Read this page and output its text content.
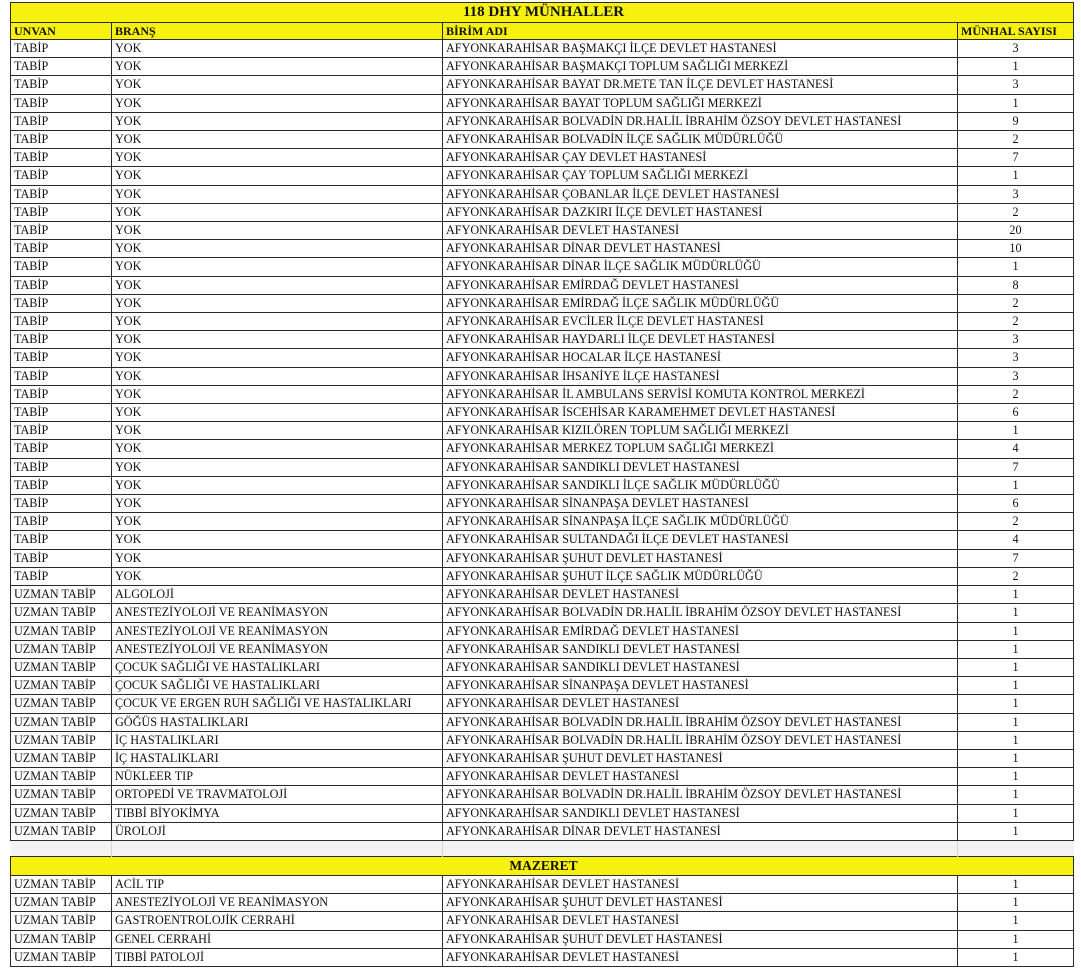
118 DHY MÜNHALLER			
UNVAN	BRANŞ	BİRİM ADI	MÜNHAL SAYISI
TABİP	YOK	AFYONKARAHİSAR BAŞMAKÇI İLÇE DEVLET HASTANESİ	3
TABİP	YOK	AFYONKARAHİSAR BAŞMAKÇI TOPLUM SAĞLIĞI MERKEZİ	1
TABİP	YOK	AFYONKARAHİSAR BAYAT DR.METE TAN İLÇE DEVLET HASTANESİ	3
TABİP	YOK	AFYONKARAHİSAR BAYAT TOPLUM SAĞLIĞI MERKEZİ	1
TABİP	YOK	AFYONKARAHİSAR BOLVADİN DR.HALİL İBRAHİM ÖZSOY DEVLET HASTANESİ	9
TABİP	YOK	AFYONKARAHİSAR BOLVADİN İLÇE SAĞLIK MÜDÜRLÜĞÜ	2
TABİP	YOK	AFYONKARAHİSAR ÇAY DEVLET HASTANESİ	7
TABİP	YOK	AFYONKARAHİSAR ÇAY TOPLUM SAĞLIĞI MERKEZİ	1
TABİP	YOK	AFYONKARAHİSAR ÇOBANLAR İLÇE DEVLET HASTANESİ	3
TABİP	YOK	AFYONKARAHİSAR DAZKIRI İLÇE DEVLET HASTANESİ	2
TABİP	YOK	AFYONKARAHİSAR DEVLET HASTANESİ	20
TABİP	YOK	AFYONKARAHİSAR DİNAR DEVLET HASTANESİ	10
TABİP	YOK	AFYONKARAHİSAR DİNAR İLÇE SAĞLIK MÜDÜRLÜĞÜ	1
TABİP	YOK	AFYONKARAHİSAR EMİRDAĞ DEVLET HASTANESİ	8
TABİP	YOK	AFYONKARAHİSAR EMİRDAĞ İLÇE SAĞLIK MÜDÜRLÜĞÜ	2
TABİP	YOK	AFYONKARAHİSAR EVCİLER İLÇE DEVLET HASTANESİ	2
TABİP	YOK	AFYONKARAHİSAR HAYDARLI İLÇE DEVLET HASTANESİ	3
TABİP	YOK	AFYONKARAHİSAR HOCALAR İLÇE HASTANESİ	3
TABİP	YOK	AFYONKARAHİSAR İHSANİYE İLÇE HASTANESİ	3
TABİP	YOK	AFYONKARAHİSAR İL AMBULANS SERVİSİ KOMUTA KONTROL MERKEZİ	2
TABİP	YOK	AFYONKARAHİSAR İSCEHİSAR KARAMEHMET DEVLET HASTANESİ	6
TABİP	YOK	AFYONKARAHİSAR KIZILÖREN TOPLUM SAĞLIĞI MERKEZİ	1
TABİP	YOK	AFYONKARAHİSAR MERKEZ TOPLUM SAĞLIĞI MERKEZİ	4
TABİP	YOK	AFYONKARAHİSAR SANDIKLI DEVLET HASTANESİ	7
TABİP	YOK	AFYONKARAHİSAR SANDIKLI İLÇE SAĞLIK MÜDÜRLÜĞÜ	1
TABİP	YOK	AFYONKARAHİSAR SİNANPAŞA DEVLET HASTANESİ	6
TABİP	YOK	AFYONKARAHİSAR SİNANPAŞA İLÇE SAĞLIK MÜDÜRLÜĞÜ	2
TABİP	YOK	AFYONKARAHİSAR SULTANDAĞI İLÇE DEVLET HASTANESİ	4
TABİP	YOK	AFYONKARAHİSAR ŞUHUT DEVLET HASTANESİ	7
TABİP	YOK	AFYONKARAHİSAR ŞUHUT İLÇE SAĞLIK MÜDÜRLÜĞÜ	2
UZMAN TABİP	ALGOLOJİ	AFYONKARAHİSAR DEVLET HASTANESİ	1
UZMAN TABİP	ANESTEZİYOLOJİ VE REANİMASYON	AFYONKARAHİSAR BOLVADİN DR.HALİL İBRAHİM ÖZSOY DEVLET HASTANESİ	1
UZMAN TABİP	ANESTEZİYOLOJİ VE REANİMASYON	AFYONKARAHİSAR EMİRDAĞ DEVLET HASTANESİ	1
UZMAN TABİP	ANESTEZİYOLOJİ VE REANİMASYON	AFYONKARAHİSAR SANDIKLI DEVLET HASTANESİ	1
UZMAN TABİP	ÇOCUK SAĞLIĞI VE HASTALIKLARI	AFYONKARAHİSAR SANDIKLI DEVLET HASTANESİ	1
UZMAN TABİP	ÇOCUK SAĞLIĞI VE HASTALIKLARI	AFYONKARAHİSAR SİNANPAŞA DEVLET HASTANESİ	1
UZMAN TABİP	ÇOCUK VE ERGEN RUH SAĞLIĞI VE HASTALIKLARI	AFYONKARAHİSAR DEVLET HASTANESİ	1
UZMAN TABİP	GÖĞÜS HASTALIKLARI	AFYONKARAHİSAR BOLVADİN DR.HALİL İBRAHİM ÖZSOY DEVLET HASTANESİ	1
UZMAN TABİP	İÇ HASTALIKLARI	AFYONKARAHİSAR BOLVADİN DR.HALİL İBRAHİM ÖZSOY DEVLET HASTANESİ	1
UZMAN TABİP	İÇ HASTALIKLARI	AFYONKARAHİSAR ŞUHUT DEVLET HASTANESİ	1
UZMAN TABİP	NÜKLEER TIP	AFYONKARAHİSAR DEVLET HASTANESİ	1
UZMAN TABİP	ORTOPEDİ VE TRAVMATOLOJİ	AFYONKARAHİSAR BOLVADİN DR.HALİL İBRAHİM ÖZSOY DEVLET HASTANESİ	1
UZMAN TABİP	TIBBİ BİYOKİMYA	AFYONKARAHİSAR SANDIKLI DEVLET HASTANESİ	1
UZMAN TABİP	ÜROLOJİ	AFYONKARAHİSAR DİNAR DEVLET HASTANESİ	1

MAZERET			
UZMAN TABİP	ACİL TIP	AFYONKARAHİSAR DEVLET HASTANESİ	1
UZMAN TABİP	ANESTEZİYOLOJİ VE REANİMASYON	AFYONKARAHİSAR ŞUHUT DEVLET HASTANESİ	1
UZMAN TABİP	GASTROENTROLOJİK CERRAHİ	AFYONKARAHİSAR DEVLET HASTANESİ	1
UZMAN TABİP	GENEL CERRAHİ	AFYONKARAHİSAR ŞUHUT DEVLET HASTANESİ	1
UZMAN TABİP	TIBBİ PATOLOJİ	AFYONKARAHİSAR DEVLET HASTANESİ	1
